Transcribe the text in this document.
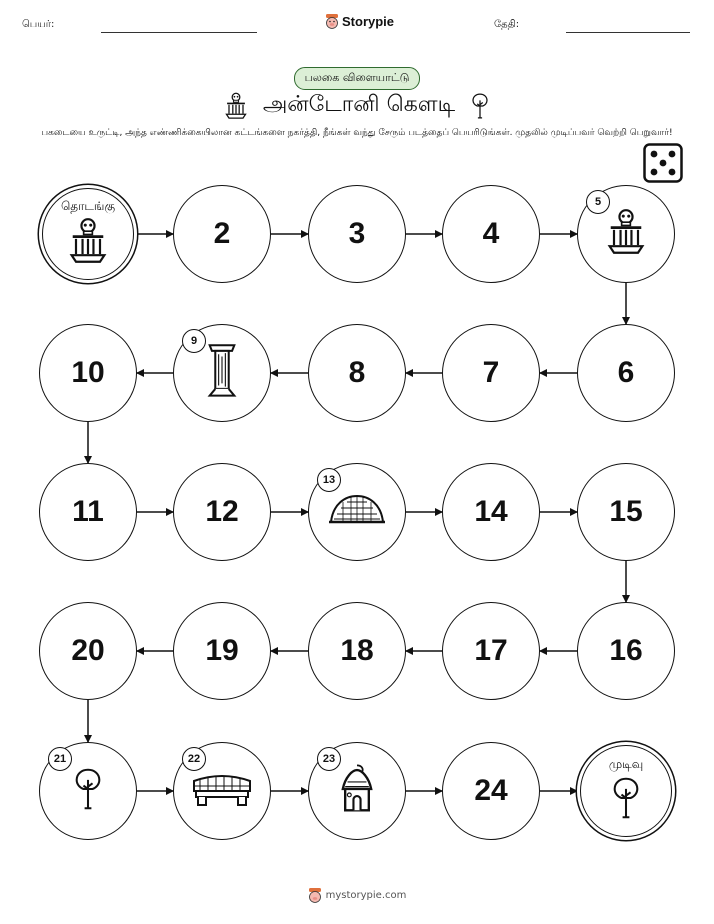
பெயர்:	Storypie	தேதி:
பலகை விளையாட்டு
அன்டோனி கௌடி
பகடையை உருட்டி, அந்த எண்ணிக்கையிலான கட்டங்களை நகர்த்தி, நீங்கள் வந்து சேரும் படத்தைப் பெயரிடுங்கள். முதலில் முடிப்பவர் வெற்றி பெறுவார்!
தொடங்கு
2	3	4
5
6
7
8
9
10
11	12
13
14	15
16
17
18
19
20
21	22	23
24
முடிவு
mystorypie.com
